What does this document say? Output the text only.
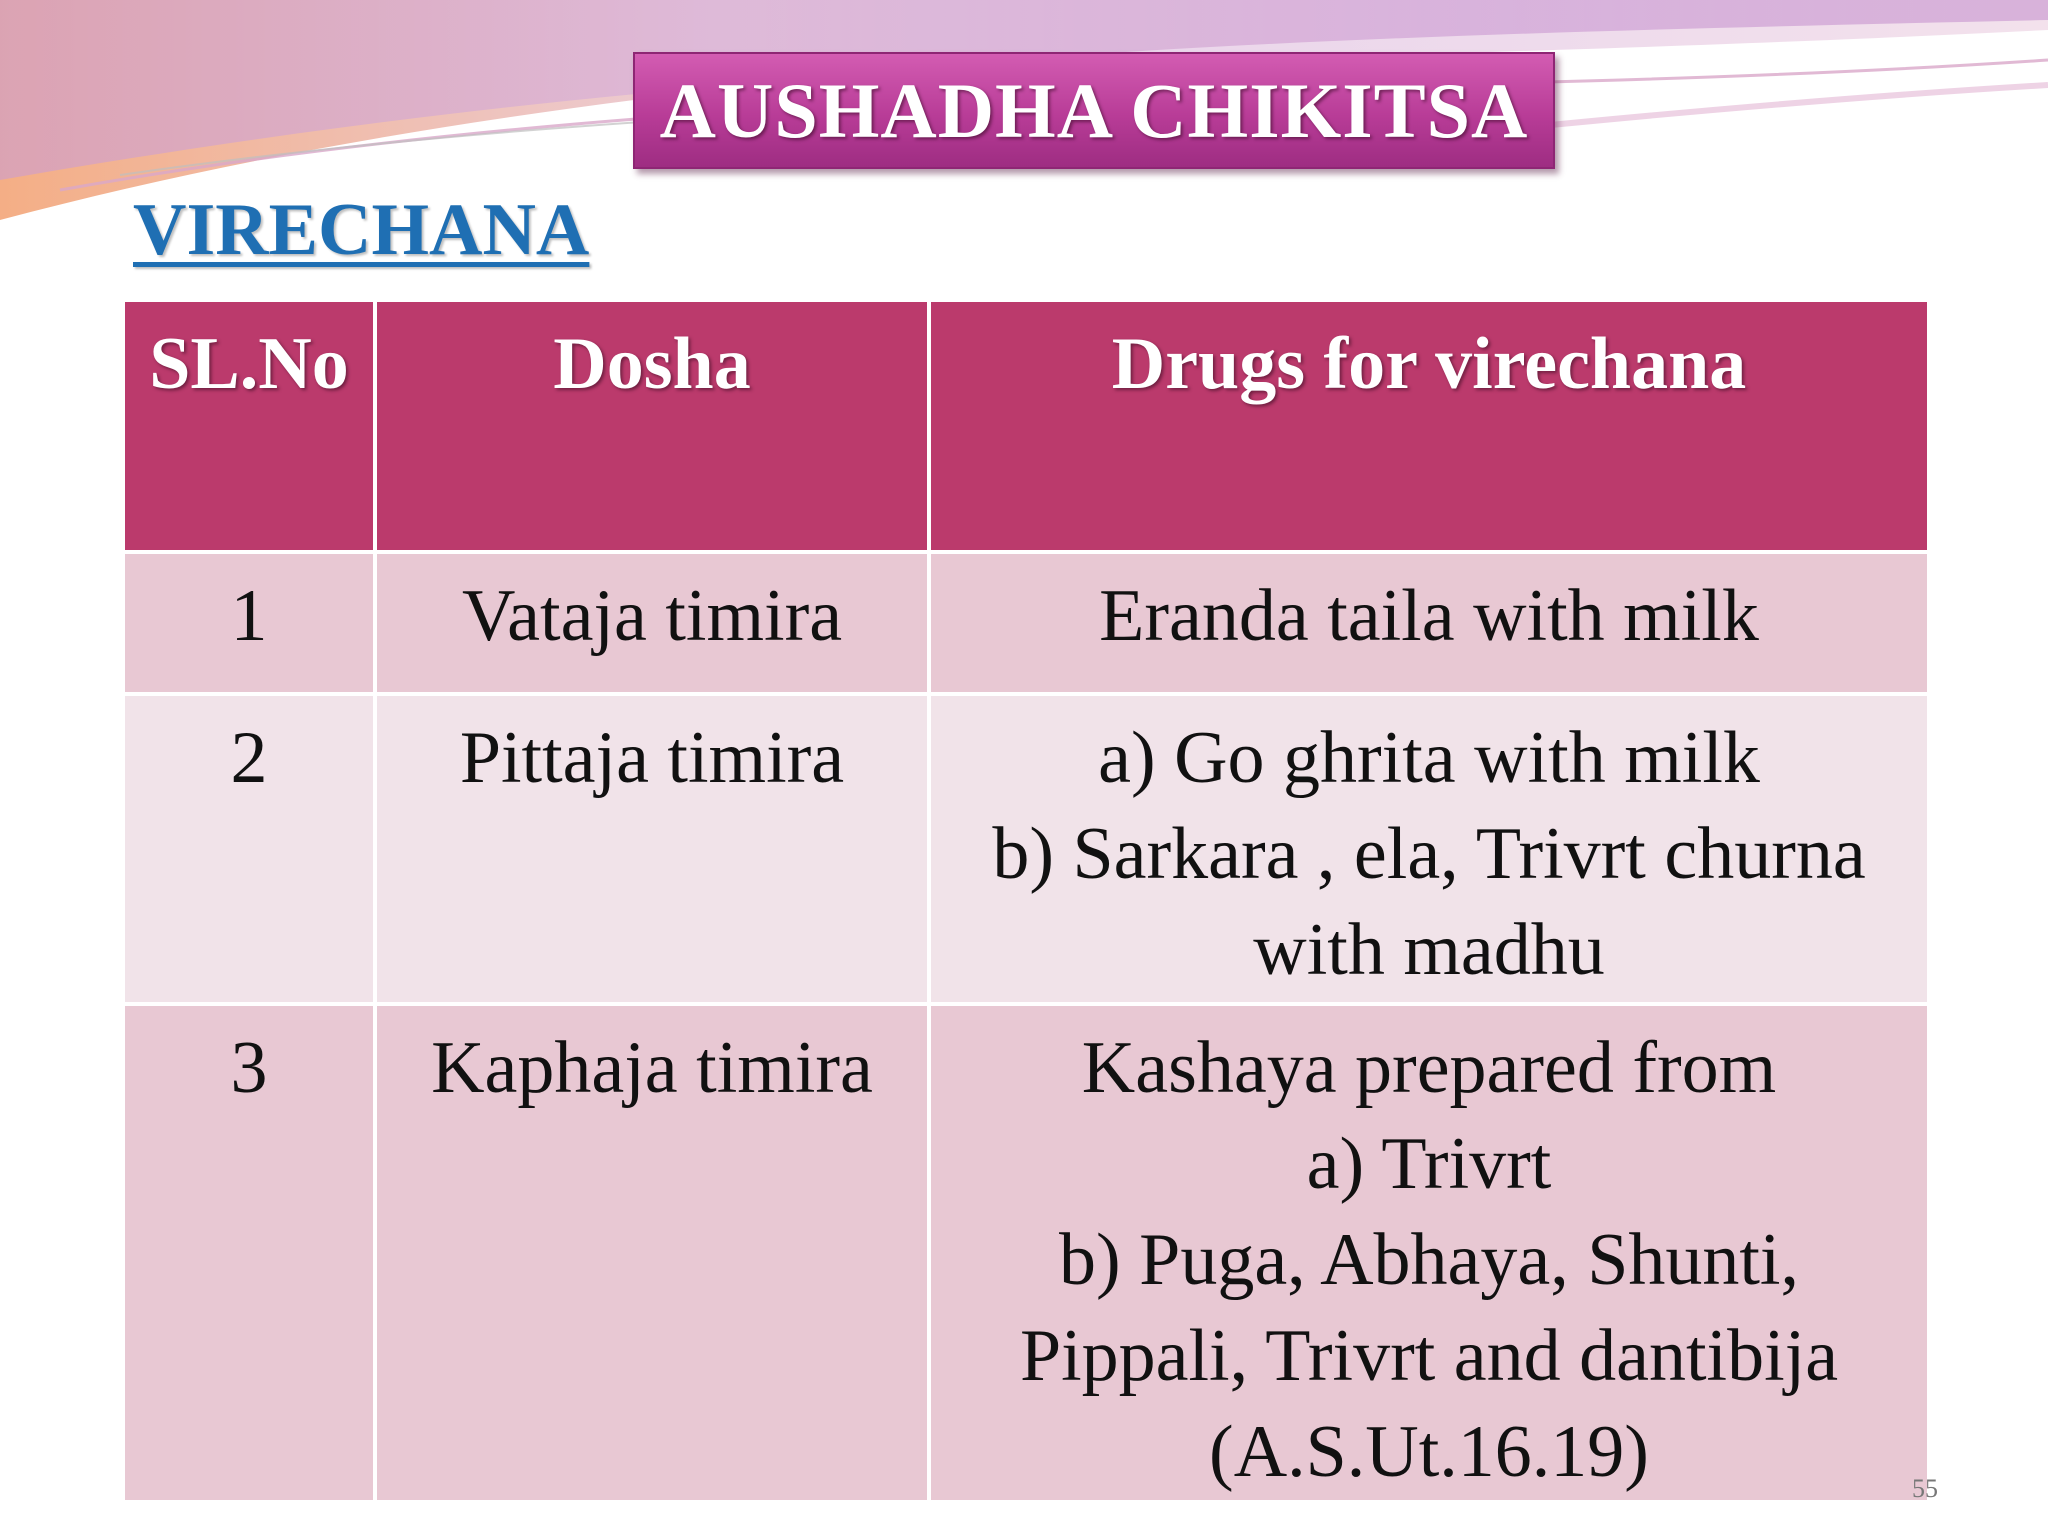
AUSHADHA CHIKITSA
VIRECHANA
SL.No	Dosha	Drugs for virechana
1	Vataja timira	Eranda taila with milk

2	Pittaja timira	a) Go ghrita with milk
b) Sarkara , ela, Trivrt churna
with madhu

3	Kaphaja timira	Kashaya prepared from
a) Trivrt
b) Puga, Abhaya, Shunti,
Pippali, Trivrt and dantibija
(A.S.Ut.16.19)	55
